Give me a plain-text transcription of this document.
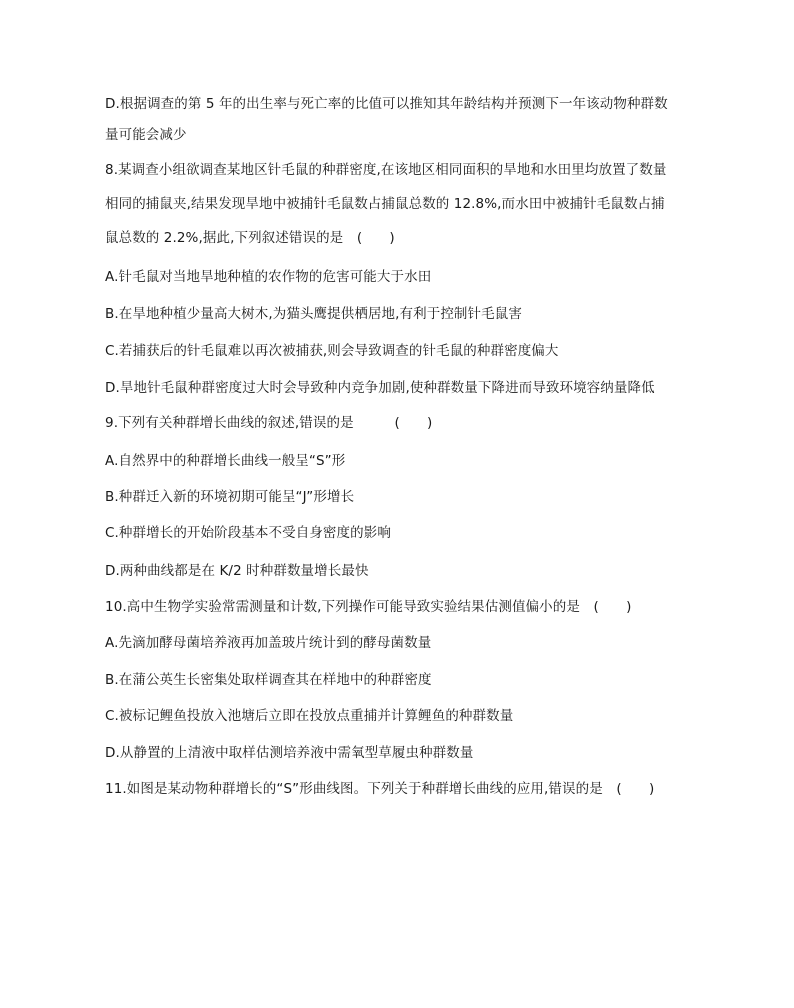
D.根据调查的第 5 年的出生率与死亡率的比值可以推知其年龄结构并预测下一年该动物种群数
量可能会减少
8.某调查小组欲调查某地区针毛鼠的种群密度,在该地区相同面积的旱地和水田里均放置了数量
相同的捕鼠夹,结果发现旱地中被捕针毛鼠数占捕鼠总数的 12.8%,而水田中被捕针毛鼠数占捕
鼠总数的 2.2%,据此,下列叙述错误的是　(　　)
A.针毛鼠对当地旱地种植的农作物的危害可能大于水田
B.在旱地种植少量高大树木,为猫头鹰提供栖居地,有利于控制针毛鼠害
C.若捕获后的针毛鼠难以再次被捕获,则会导致调查的针毛鼠的种群密度偏大
D.旱地针毛鼠种群密度过大时会导致种内竞争加剧,使种群数量下降进而导致环境容纳量降低
9.下列有关种群增长曲线的叙述,错误的是　　　(　　)
A.自然界中的种群增长曲线一般呈“S”形
B.种群迁入新的环境初期可能呈“J”形增长
C.种群增长的开始阶段基本不受自身密度的影响
D.两种曲线都是在 K/2 时种群数量增长最快
10.高中生物学实验常需测量和计数,下列操作可能导致实验结果估测值偏小的是　(　　)
A.先滴加酵母菌培养液再加盖玻片统计到的酵母菌数量
B.在蒲公英生长密集处取样调查其在样地中的种群密度
C.被标记鲤鱼投放入池塘后立即在投放点重捕并计算鲤鱼的种群数量
D.从静置的上清液中取样估测培养液中需氧型草履虫种群数量
11.如图是某动物种群增长的“S”形曲线图。下列关于种群增长曲线的应用,错误的是　(　　)
